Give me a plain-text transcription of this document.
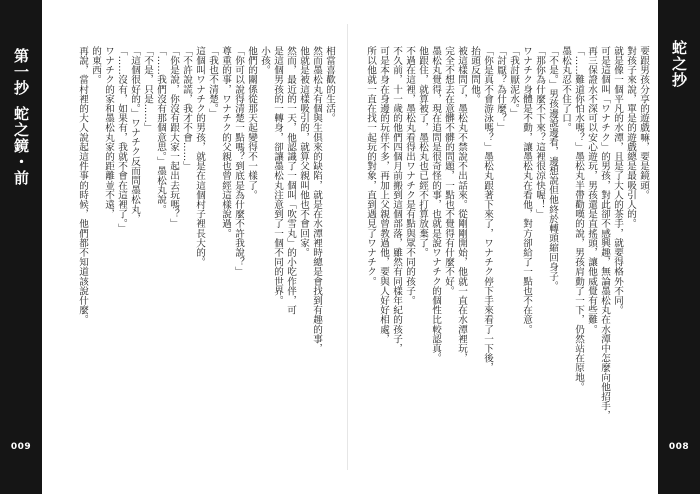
第一抄
蛇之鏡・前
009
蛇之抄
008
要跟男孩分享的遊戲嘛，要是鏡頭。
對孩子來說，單是的遊戲總是最吸引人的。
就是像一個平凡的水潭，且是了大人的茶手，就要得格外不同。
可是這個叫「ワナチク」的男孩，對此卻不感興趣，無論墨松丸在水潭中怎麼向他招手，
再三保證水不深可以安心遊玩，男孩還是直搖頭，讓他威覺有些難。
「……難道你怕水嗎？」墨松丸半帶勸嘆的說，男孩肩動了一下，仍然站在原地。
墨松丸忍不住了口。
「不是。」男孩邊說邊看，邊想說但他終於轉頭縮回身子。
「那你為什麼不下來？這裡很涼快喔！」
ワナチク身體是不動，讓墨松丸在看他，對方卻給了一點也不在意。
「我討厭泥水。」
「討厭？為什麼？」
「你是真不會游泳嗎？」墨松丸跟著下來了，ワナチク停下手來看了一下後，
抬頭反問他。
被這樣問了，墨松丸不禁說不出話來。從剛剛開始，他就一直在水潭裡玩，
完全不想去在意髒不髒的問題，一點也不覺得有什麼不好。
墨松丸覺得，現在追問是很奇怪的事，也就是說ワナチク的個性比較認真。
他跟住，就算被了，墨松丸也已經不打算放棄了。
不過在這裡，墨松丸看得出ワナチク是有點與眾不同的孩子。
不久前，十一歲的他們四個月前搬到這個部落，雖然有同樣年紀的孩子，
可是本身在身邊的玩伴不多，再加上父親曾教過他，要與人好好相處，
所以他就一直在找一起玩的對象，直到遇見了ワナチク。
相當喜歡的生活。
然而墨松丸有個與生俱來的缺陷，就是在水潭裡時總是會找到有趣的事，
他就是被這樣吸引的，就算父親叫他也不會回家。
然而，最近的一天，他認識了一個叫「吹雪丸」的小吃作伴，可
是這個男孩的一轉身，卻讓墨松丸注意到了一個不同的世界。
小孩。
他們的關係從那天起變得不一樣了。
「你可以說得清楚一點嗎？到底是為什麼不許我說？」
尊重的事，ワナチク的父親也曾經這樣說過。
「我也不清楚。」
這個叫ワナチク的男孩，就是在這個村子裡長大的。
「不許說謊，我才不會……」
「你是說，你沒有跟大家一起出去玩嗎？」
「……我們沒有那個意思。」墨松丸說。
「不是，只是……」
「這個很好的。」ワナチク反而問墨松丸，
「……沒有，如果有，我就不會在這裡了。」
ワナチク的家和墨松丸家的距離並不遠，
的東西。
再說，當村裡的大人說起這件事的時候，他們都不知道該說什麼。
